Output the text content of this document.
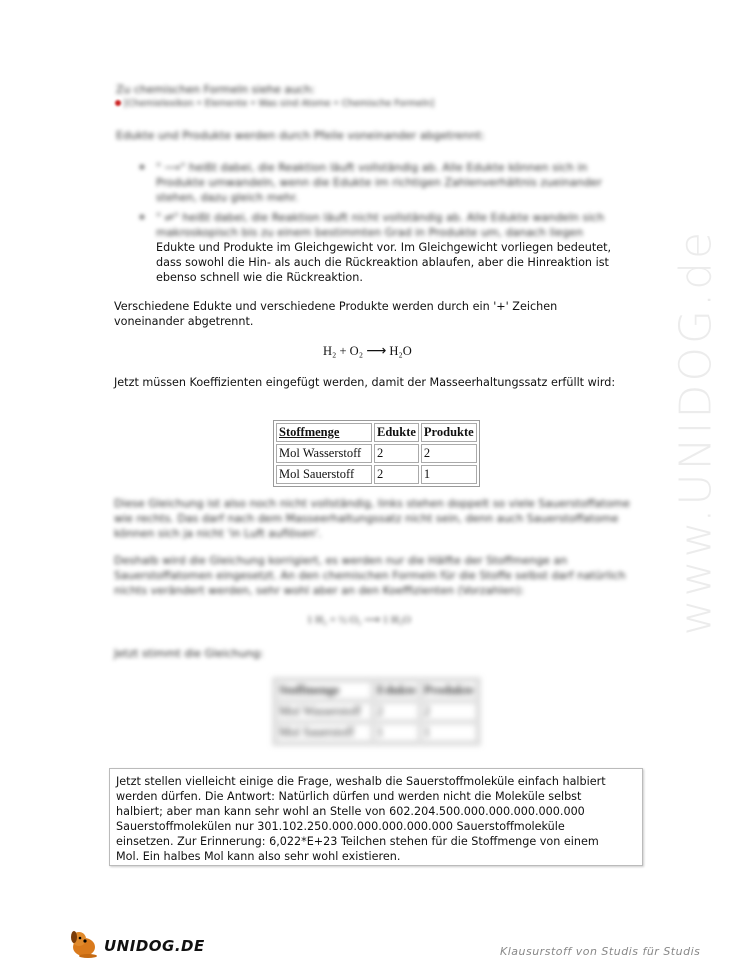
www.UNIDOG.de
Zu chemischen Formeln siehe auch:
[Chemielexikon • Elemente • Was sind Atome • Chemische Formeln]
Edukte und Produkte werden durch Pfeile voneinander abgetrennt:
" ⟶" heißt dabei, die Reaktion läuft vollständig ab. Alle Edukte können sich in Produkte umwandeln, wenn die Edukte im richtigen Zahlenverhältnis zueinander stehen, dazu gleich mehr.
" ⇌" heißt dabei, die Reaktion läuft nicht vollständig ab. Alle Edukte wandeln sich makroskopisch bis zu einem bestimmten Grad in Produkte um, danach liegen
Edukte und Produkte im Gleichgewicht vor. Im Gleichgewicht vorliegen bedeutet,
dass sowohl die Hin- als auch die Rückreaktion ablaufen, aber die Hinreaktion ist
ebenso schnell wie die Rückreaktion.
Verschiedene Edukte und verschiedene Produkte werden durch ein '+' Zeichen
voneinander abgetrennt.
H₂ + O₂ ⟶ H₂O
Jetzt müssen Koeffizienten eingefügt werden, damit der Masseerhaltungssatz erfüllt wird:
Stoffmenge	Edukte	Produkte
Mol Wasserstoff	2	2
Mol Sauerstoff	2	1
Diese Gleichung ist also noch nicht vollständig, links stehen doppelt so viele Sauerstoffatome wie rechts. Das darf nach dem Masseerhaltungssatz nicht sein, denn auch Sauerstoffatome können sich ja nicht 'in Luft auflösen'.
Deshalb wird die Gleichung korrigiert, es werden nur die Hälfte der Stoffmenge an Sauerstoffatomen eingesetzt. An den chemischen Formeln für die Stoffe selbst darf natürlich nichts verändert werden, sehr wohl aber an den Koeffizienten (Vorzahlen):
1 H₂ + ½ O₂ ⟶ 1 H₂O
Jetzt stimmt die Gleichung:
Stoffmenge	Edukte	Produkte
Mol Wasserstoff	2	2
Mol Sauerstoff	1	1
Jetzt stellen vielleicht einige die Frage, weshalb die Sauerstoffmoleküle einfach halbiert
werden dürfen. Die Antwort: Natürlich dürfen und werden nicht die Moleküle selbst
halbiert; aber man kann sehr wohl an Stelle von 602.204.500.000.000.000.000.000
Sauerstoffmolekülen nur 301.102.250.000.000.000.000.000 Sauerstoffmoleküle
einsetzen. Zur Erinnerung: 6,022*E+23 Teilchen stehen für die Stoffmenge von einem
Mol. Ein halbes Mol kann also sehr wohl existieren.
UNIDOG.DE	Klausurstoff von Studis für Studis
